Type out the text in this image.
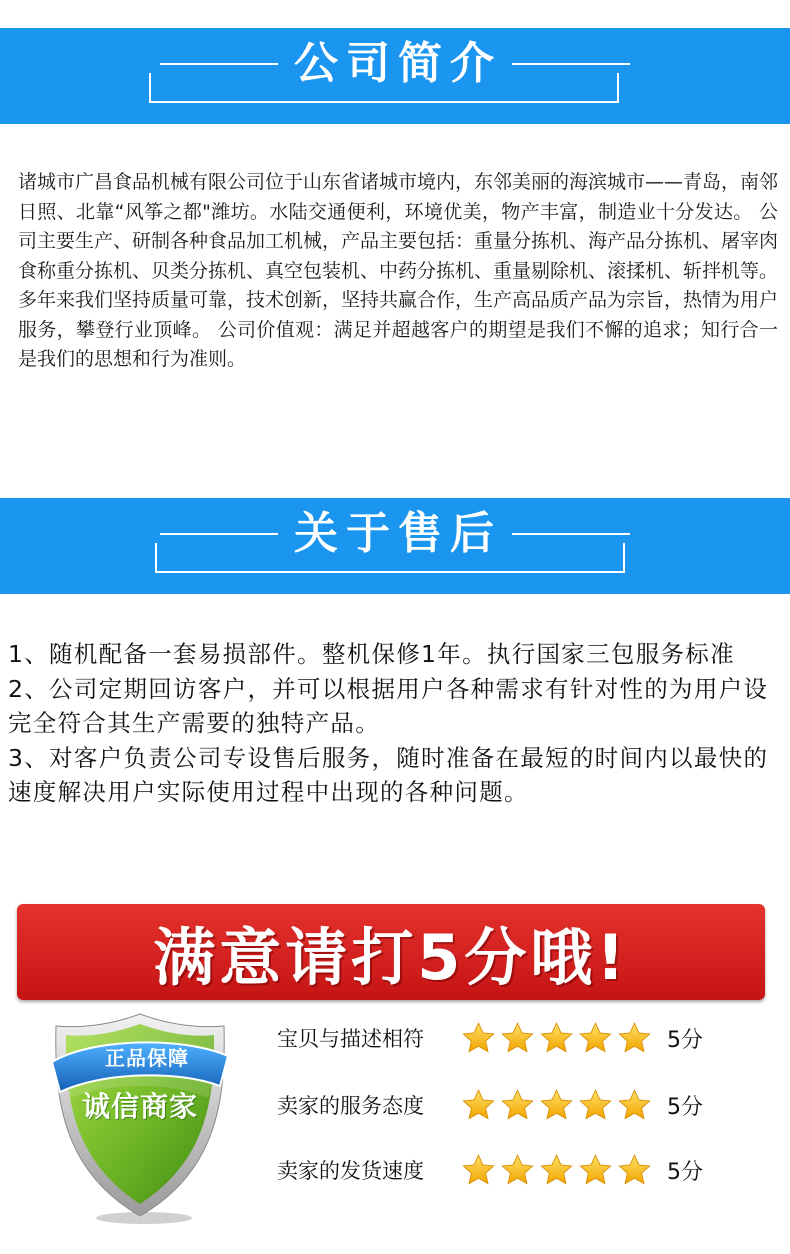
公司简介
诸城市广昌食品机械有限公司位于山东省诸城市境内，东邻美丽的海滨城市——青岛，南邻日照、北靠“风筝之都"潍坊。水陆交通便利，环境优美，物产丰富，制造业十分发达。 公司主要生产、研制各种食品加工机械，产品主要包括：重量分拣机、海产品分拣机、屠宰肉食称重分拣机、贝类分拣机、真空包装机、中药分拣机、重量剔除机、滚揉机、斩拌机等。 多年来我们坚持质量可靠，技术创新，坚持共赢合作，生产高品质产品为宗旨，热情为用户服务，攀登行业顶峰。 公司价值观：满足并超越客户的期望是我们不懈的追求；知行合一是我们的思想和行为准则。
关于售后
1、随机配备一套易损部件。整机保修1年。执行国家三包服务标准
2、公司定期回访客户，并可以根据用户各种需求有针对性的为用户设完全符合其生产需要的独特产品。
3、对客户负责公司专设售后服务，随时准备在最短的时间内以最快的速度解决用户实际使用过程中出现的各种问题。
满意请打5分哦!
正品保障
诚信商家
宝贝与描述相符	5分
卖家的服务态度	5分
卖家的发货速度	5分
